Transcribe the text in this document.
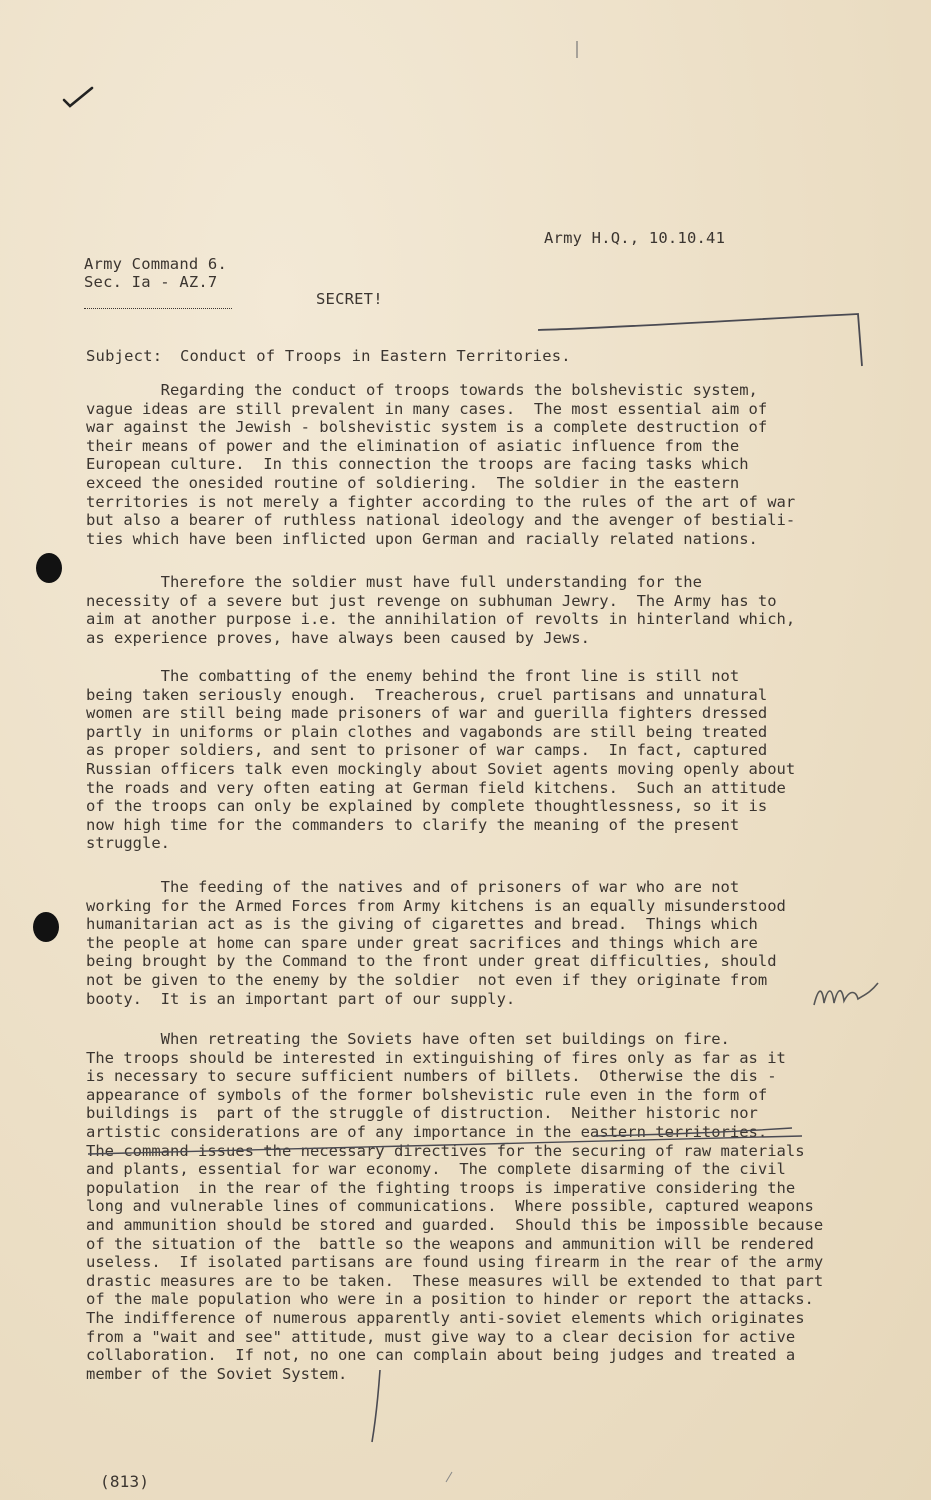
Army H.Q., 10.10.41

Army Command 6.

Sec. Ia - AZ.7

SECRET!

Subject: Conduct of Troops in Eastern Territories.

Regarding the conduct of troops towards the bolshevistic system,
vague ideas are still prevalent in many cases.  The most essential aim of
war against the Jewish - bolshevistic system is a complete destruction of
their means of power and the elimination of asiatic influence from the
European culture.  In this connection the troops are facing tasks which
exceed the onesided routine of soldiering.  The soldier in the eastern
territories is not merely a fighter according to the rules of the art of war
but also a bearer of ruthless national ideology and the avenger of bestiali-
ties which have been inflicted upon German and racially related nations.
Therefore the soldier must have full understanding for the
necessity of a severe but just revenge on subhuman Jewry.  The Army has to
aim at another purpose i.e. the annihilation of revolts in hinterland which,
as experience proves, have always been caused by Jews.
The combatting of the enemy behind the front line is still not
being taken seriously enough.  Treacherous, cruel partisans and unnatural
women are still being made prisoners of war and guerilla fighters dressed
partly in uniforms or plain clothes and vagabonds are still being treated
as proper soldiers, and sent to prisoner of war camps.  In fact, captured
Russian officers talk even mockingly about Soviet agents moving openly about
the roads and very often eating at German field kitchens.  Such an attitude
of the troops can only be explained by complete thoughtlessness, so it is
now high time for the commanders to clarify the meaning of the present
struggle.
The feeding of the natives and of prisoners of war who are not
working for the Armed Forces from Army kitchens is an equally misunderstood
humanitarian act as is the giving of cigarettes and bread.  Things which
the people at home can spare under great sacrifices and things which are
being brought by the Command to the front under great difficulties, should
not be given to the enemy by the soldier  not even if they originate from
booty.  It is an important part of our supply.
When retreating the Soviets have often set buildings on fire.
The troops should be interested in extinguishing of fires only as far as it
is necessary to secure sufficient numbers of billets.  Otherwise the dis -
appearance of symbols of the former bolshevistic rule even in the form of
buildings is  part of the struggle of distruction.  Neither historic nor
artistic considerations are of any importance in the eastern territories.
The command issues the necessary directives for the securing of raw materials
and plants, essential for war economy.  The complete disarming of the civil
population  in the rear of the fighting troops is imperative considering the
long and vulnerable lines of communications.  Where possible, captured weapons
and ammunition should be stored and guarded.  Should this be impossible because
of the situation of the  battle so the weapons and ammunition will be rendered
useless.  If isolated partisans are found using firearm in the rear of the army
drastic measures are to be taken.  These measures will be extended to that part
of the male population who were in a position to hinder or report the attacks.
The indifference of numerous apparently anti-soviet elements which originates
from a "wait and see" attitude, must give way to a clear decision for active
collaboration.  If not, no one can complain about being judges and treated a
member of the Soviet System.

(813)
